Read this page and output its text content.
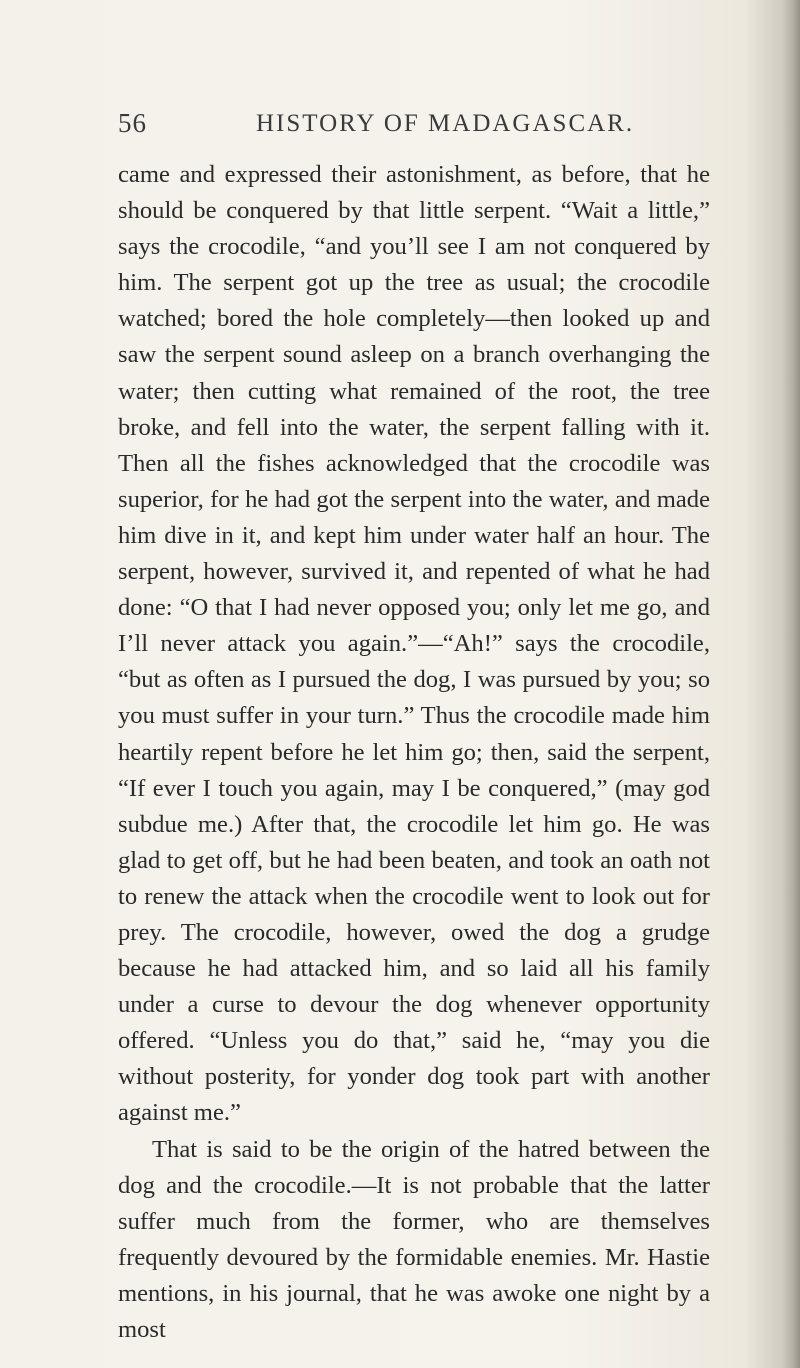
56	HISTORY OF MADAGASCAR.

came and expressed their astonishment, as before, that he should be conquered by that little serpent. “Wait a little,” says the crocodile, “and you’ll see I am not conquered by him. The serpent got up the tree as usual; the crocodile watched; bored the hole completely—then looked up and saw the serpent sound asleep on a branch overhanging the water; then cutting what remained of the root, the tree broke, and fell into the water, the serpent falling with it. Then all the fishes acknowledged that the crocodile was superior, for he had got the serpent into the water, and made him dive in it, and kept him under water half an hour. The serpent, however, survived it, and repented of what he had done: “O that I had never opposed you; only let me go, and I’ll never attack you again.”—“Ah!” says the crocodile, “but as often as I pursued the dog, I was pursued by you; so you must suffer in your turn.” Thus the crocodile made him heartily repent before he let him go; then, said the serpent, “If ever I touch you again, may I be conquered,” (may god subdue me.) After that, the crocodile let him go. He was glad to get off, but he had been beaten, and took an oath not to renew the attack when the crocodile went to look out for prey. The crocodile, however, owed the dog a grudge because he had attacked him, and so laid all his family under a curse to devour the dog whenever opportunity offered. “Unless you do that,” said he, “may you die without posterity, for yonder dog took part with another against me.”

That is said to be the origin of the hatred between the dog and the crocodile.—It is not probable that the latter suffer much from the former, who are themselves frequently devoured by the formidable enemies. Mr. Hastie mentions, in his journal, that he was awoke one night by a most
